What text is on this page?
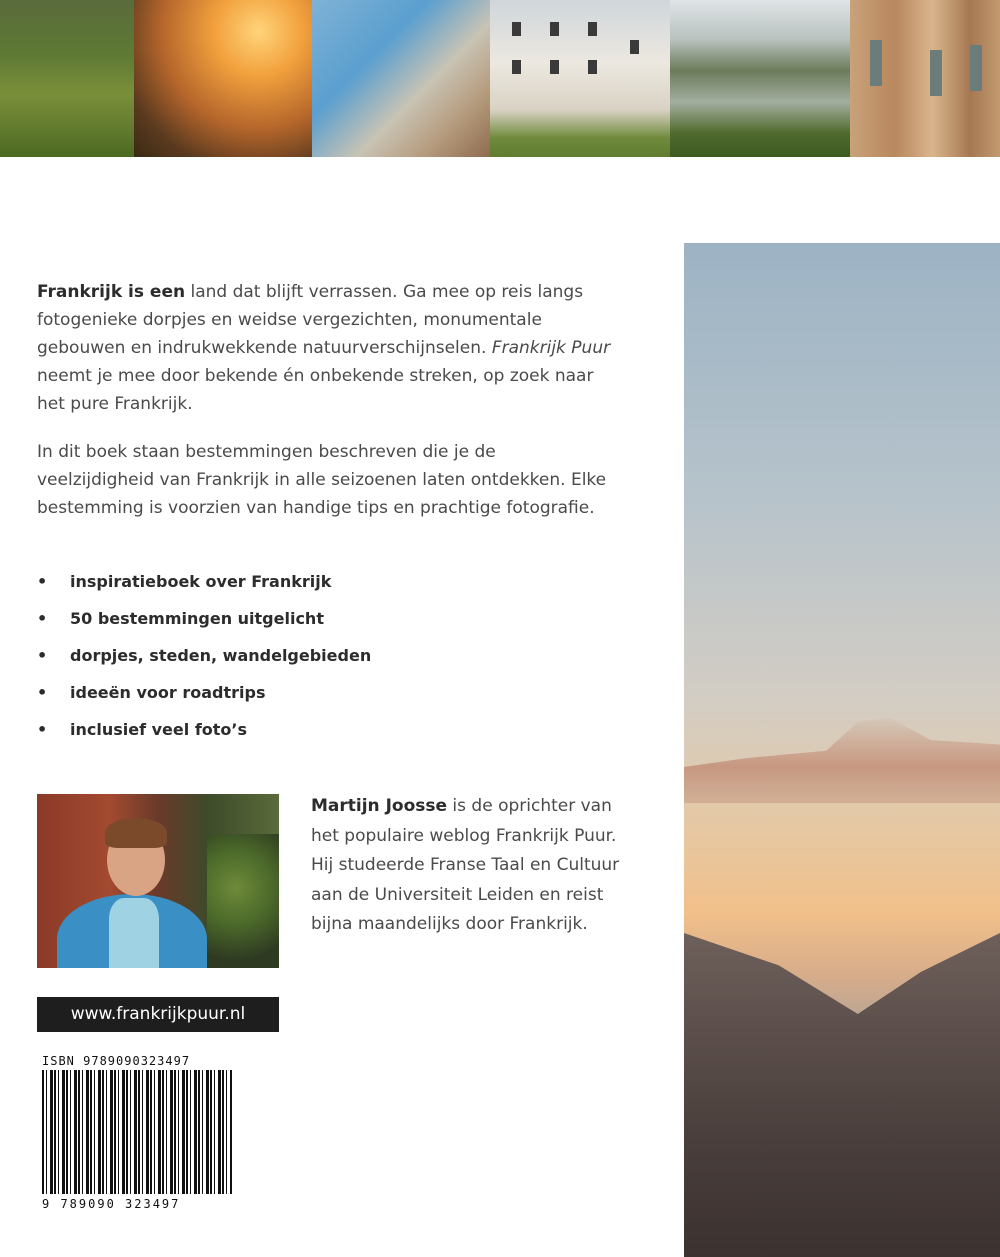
Frankrijk is een land dat blijft verrassen. Ga mee op reis langs fotogenieke dorpjes en weidse vergezichten, monumentale gebouwen en indrukwekkende natuurverschijnselen. Frankrijk Puur neemt je mee door bekende én onbekende streken, op zoek naar het pure Frankrijk.
In dit boek staan bestemmingen beschreven die je de veelzijdigheid van Frankrijk in alle seizoenen laten ontdekken. Elke bestemming is voorzien van handige tips en prachtige fotografie.
• inspiratieboek over Frankrijk
• 50 bestemmingen uitgelicht
• dorpjes, steden, wandelgebieden
• ideeën voor roadtrips
• inclusief veel foto’s
Martijn Joosse is de oprichter van het populaire weblog Frankrijk Puur. Hij studeerde Franse Taal en Cultuur aan de Universiteit Leiden en reist bijna maandelijks door Frankrijk.
www.frankrijkpuur.nl
ISBN 9789090323497
9 789090 323497
